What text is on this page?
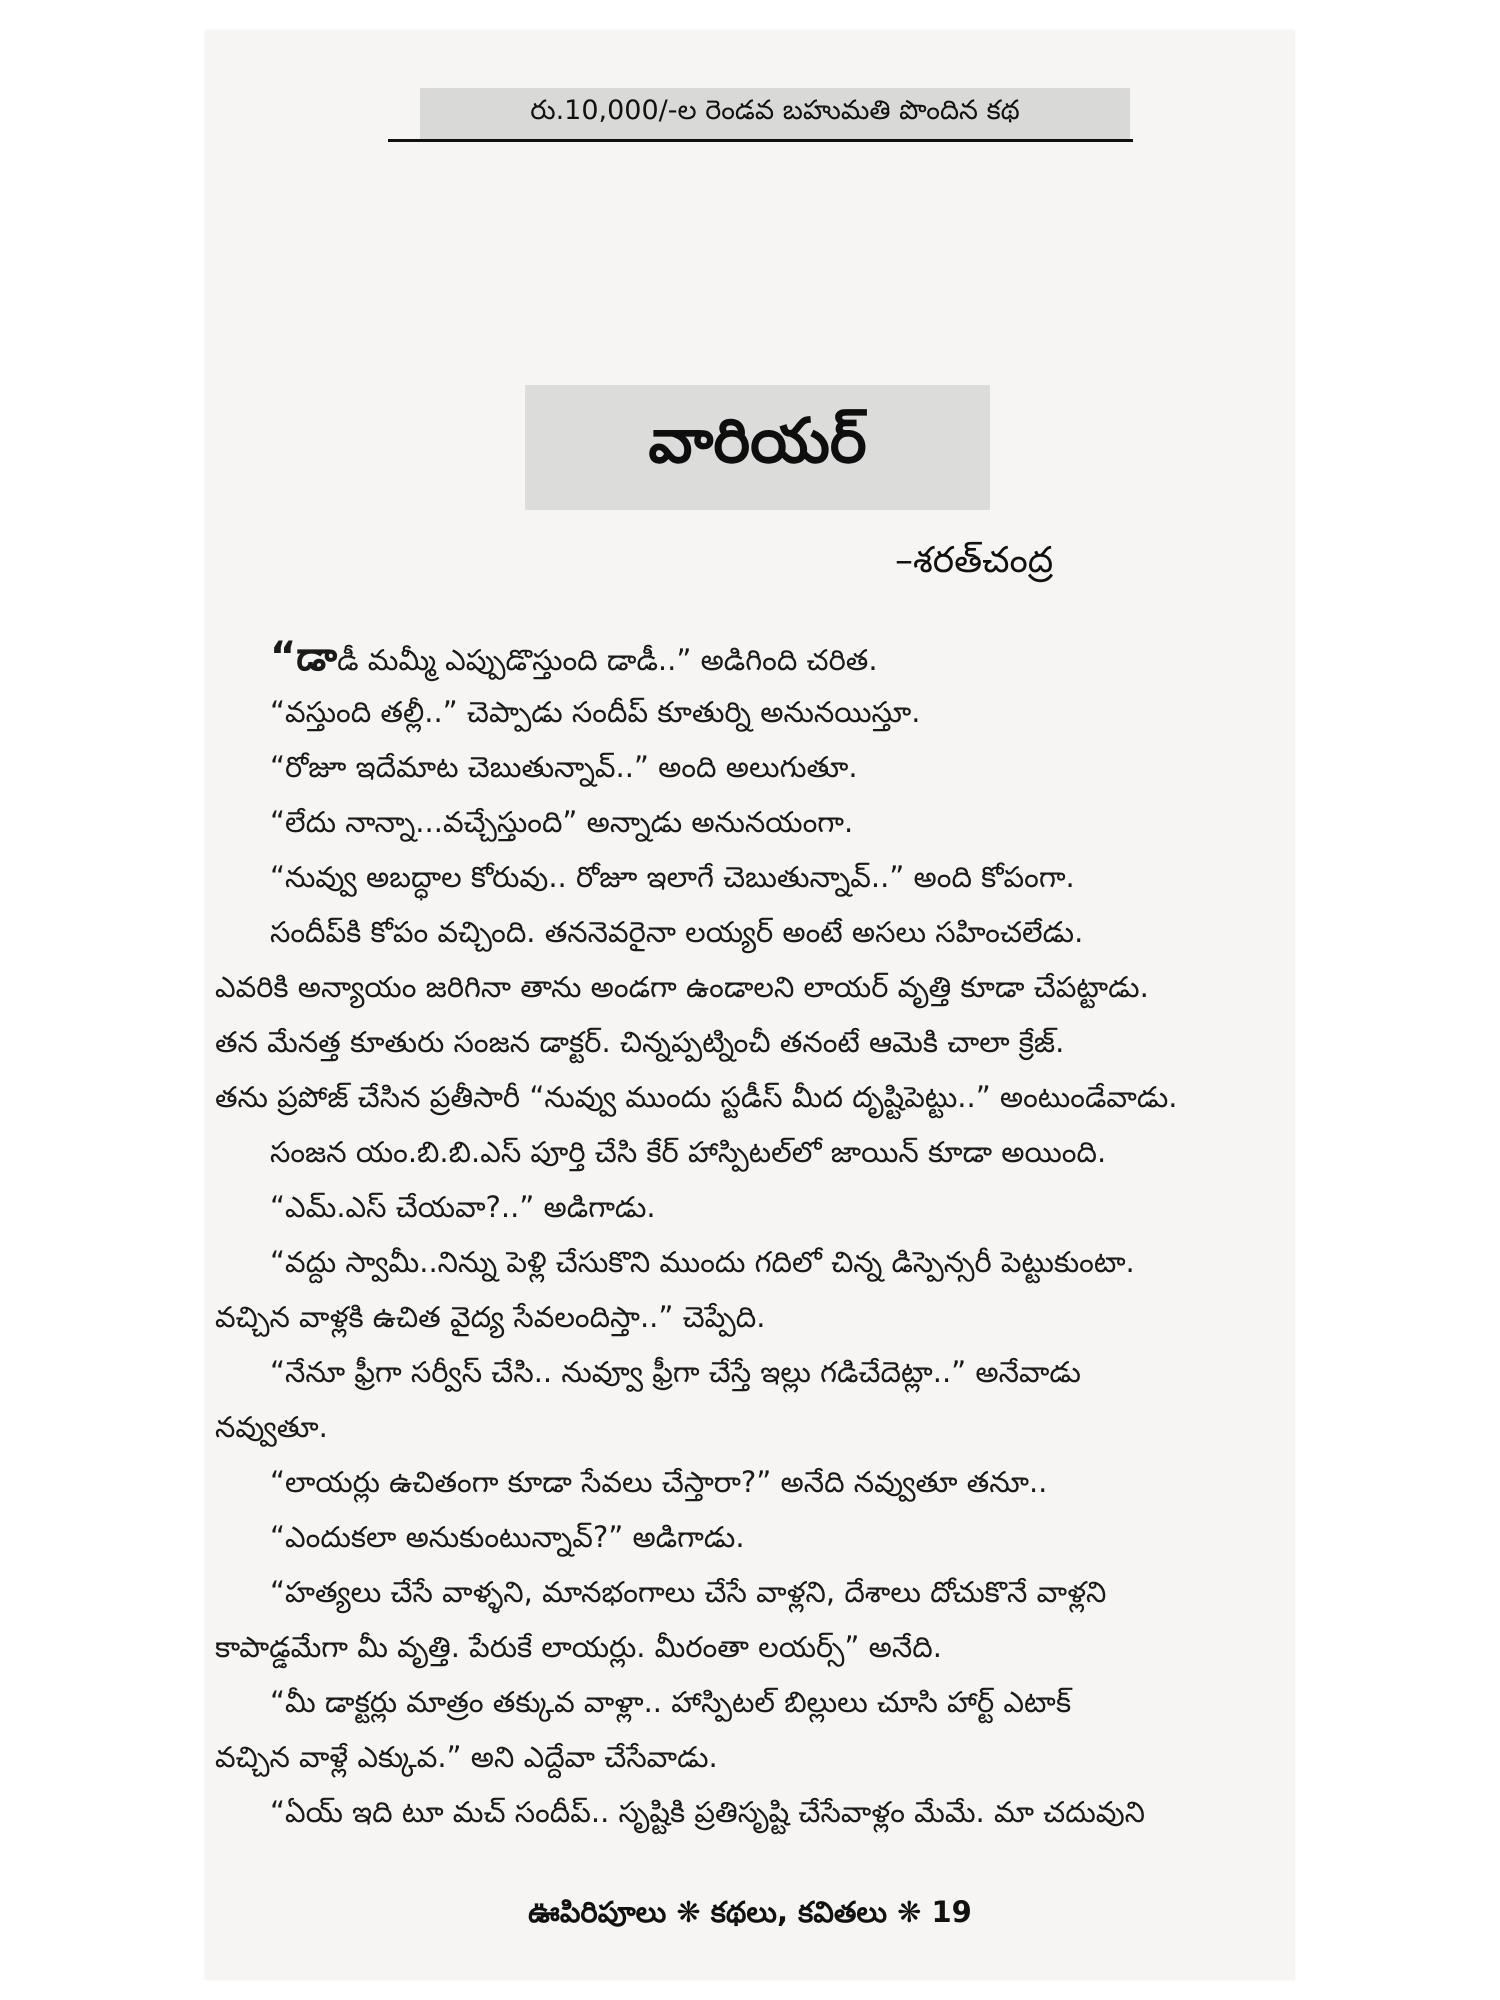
రు.10,000/-ల రెండవ బహుమతి పొందిన కథ
వారియర్
–శరత్‌చంద్ర
“డాడీ మమ్మీ ఎప్పుడొస్తుంది డాడీ..” అడిగింది చరిత.
“వస్తుంది తల్లీ..” చెప్పాడు సందీప్ కూతుర్ని అనునయిస్తూ.
“రోజూ ఇదేమాట చెబుతున్నావ్..” అంది అలుగుతూ.
“లేదు నాన్నా...వచ్చేస్తుంది” అన్నాడు అనునయంగా.
“నువ్వు అబద్ధాల కోరువు.. రోజూ ఇలాగే చెబుతున్నావ్..” అంది కోపంగా.
సందీప్‌కి కోపం వచ్చింది. తననెవరైనా లయ్యర్ అంటే అసలు సహించలేడు.
ఎవరికి అన్యాయం జరిగినా తాను అండగా ఉండాలని లాయర్ వృత్తి కూడా చేపట్టాడు.
తన మేనత్త కూతురు సంజన డాక్టర్. చిన్నప్పట్నించీ తనంటే ఆమెకి చాలా క్రేజ్.
తను ప్రపోజ్ చేసిన ప్రతీసారీ “నువ్వు ముందు స్టడీస్ మీద దృష్టిపెట్టు..” అంటుండేవాడు.
సంజన యం.బి.బి.ఎస్ పూర్తి చేసి కేర్ హాస్పిటల్‌లో జాయిన్ కూడా అయింది.
“ఎమ్.ఎస్ చేయవా?..” అడిగాడు.
“వద్దు స్వామీ..నిన్ను పెళ్లి చేసుకొని ముందు గదిలో చిన్న డిస్పెన్సరీ పెట్టుకుంటా.
వచ్చిన వాళ్లకి ఉచిత వైద్య సేవలందిస్తా..” చెప్పేది.
“నేనూ ఫ్రీగా సర్వీస్ చేసి.. నువ్వూ ఫ్రీగా చేస్తే ఇల్లు గడిచేదెట్లా..” అనేవాడు
నవ్వుతూ.
“లాయర్లు ఉచితంగా కూడా సేవలు చేస్తారా?” అనేది నవ్వుతూ తనూ..
“ఎందుకలా అనుకుంటున్నావ్?” అడిగాడు.
“హత్యలు చేసే వాళ్ళని, మానభంగాలు చేసే వాళ్లని, దేశాలు దోచుకొనే వాళ్లని
కాపాడ్డమేగా మీ వృత్తి. పేరుకే లాయర్లు. మీరంతా లయర్స్” అనేది.
“మీ డాక్టర్లు మాత్రం తక్కువ వాళ్లా.. హాస్పిటల్ బిల్లులు చూసి హార్ట్ ఎటాక్
వచ్చిన వాళ్లే ఎక్కువ.” అని ఎద్దేవా చేసేవాడు.
“ఏయ్ ఇది టూ మచ్ సందీప్.. సృష్టికి ప్రతిసృష్టి చేసేవాళ్లం మేమే. మా చదువుని
ఊపిరిపూలు ❋ కథలు, కవితలు ❋ 19
